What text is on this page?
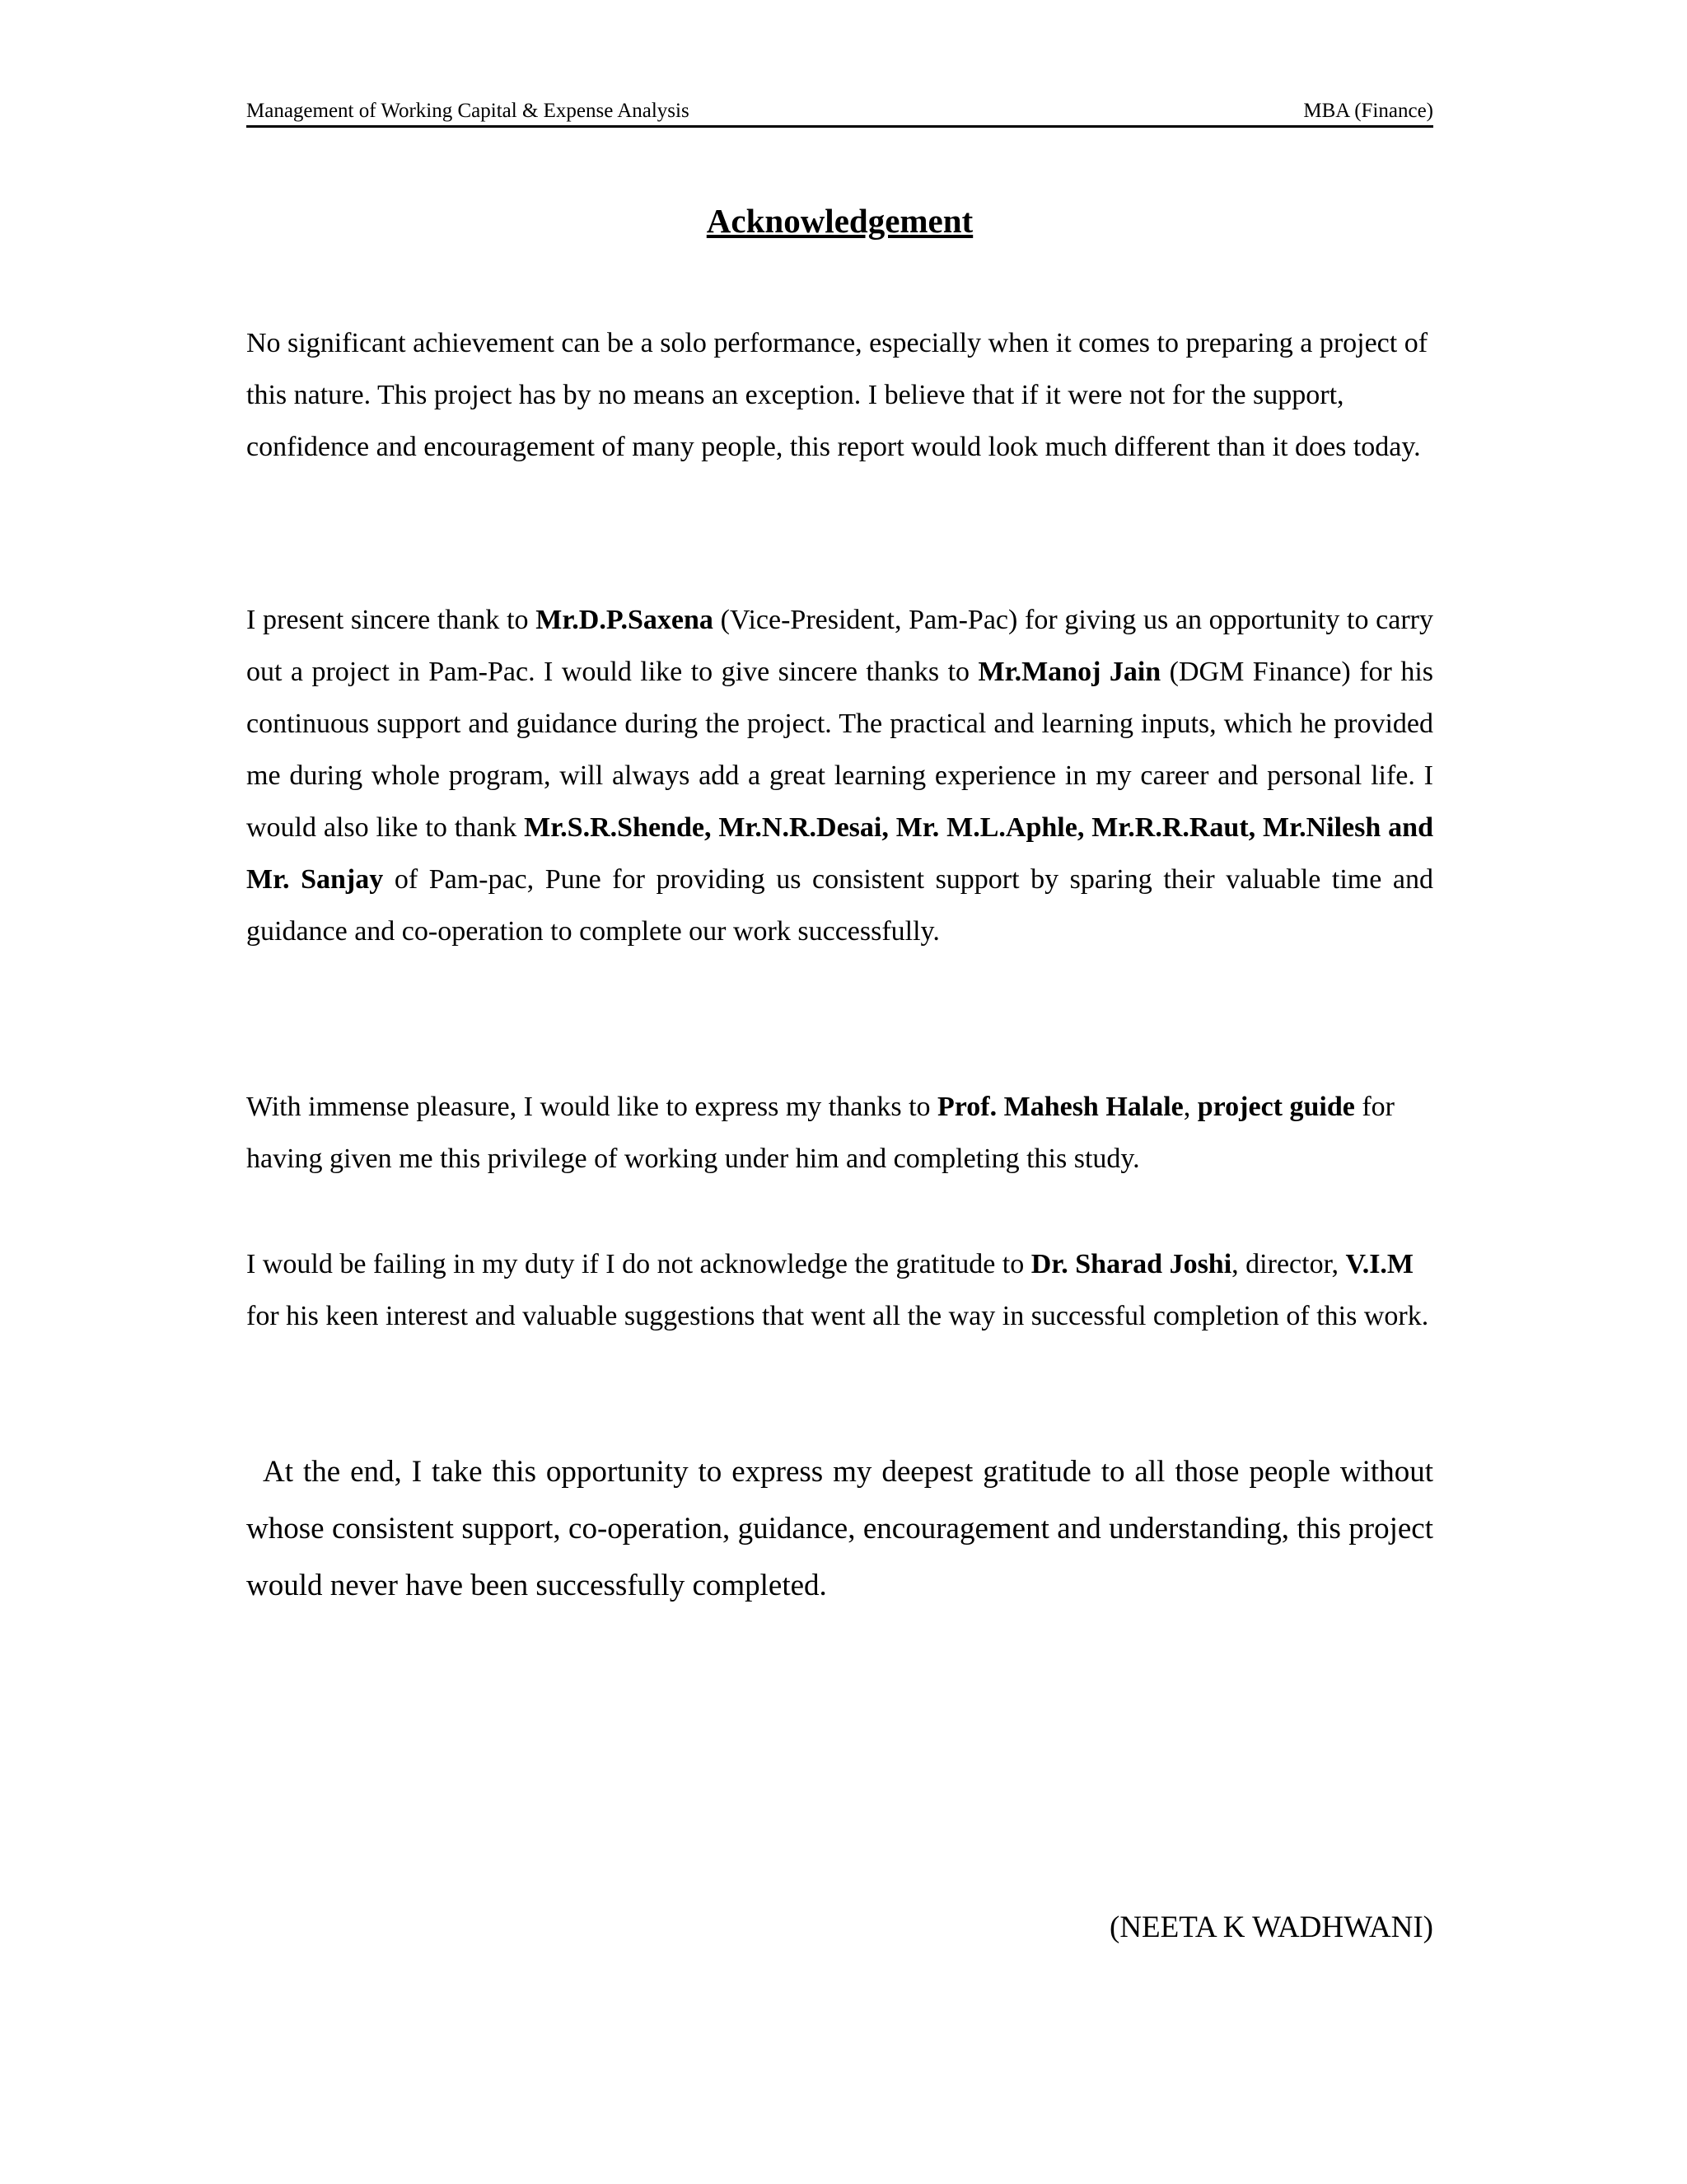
Management of Working Capital & Expense Analysis	MBA (Finance)
Acknowledgement

No significant achievement can be a solo performance, especially when it comes to preparing a project of this nature. This project has by no means an exception. I believe that if it were not for the support, confidence and encouragement of many people, this report would look much different than it does today.

I present sincere thank to Mr.D.P.Saxena (Vice-President, Pam-Pac) for giving us an opportunity to carry out a project in Pam-Pac. I would like to give sincere thanks to Mr.Manoj Jain (DGM Finance) for his continuous support and guidance during the project. The practical and learning inputs, which he provided me during whole program, will always add a great learning experience in my career and personal life. I would also like to thank Mr.S.R.Shende, Mr.N.R.Desai, Mr. M.L.Aphle, Mr.R.R.Raut, Mr.Nilesh and Mr. Sanjay of Pam-pac, Pune for providing us consistent support by sparing their valuable time and guidance and co-operation to complete our work successfully.

With immense pleasure, I would like to express my thanks to Prof. Mahesh Halale, project guide for having given me this privilege of working under him and completing this study.

I would be failing in my duty if I do not acknowledge the gratitude to Dr. Sharad Joshi, director, V.I.M for his keen interest and valuable suggestions that went all the way in successful completion of this work.

At the end, I take this opportunity to express my deepest gratitude to all those people without whose consistent support, co-operation, guidance, encouragement and understanding, this project would never have been successfully completed.

(NEETA K WADHWANI)
